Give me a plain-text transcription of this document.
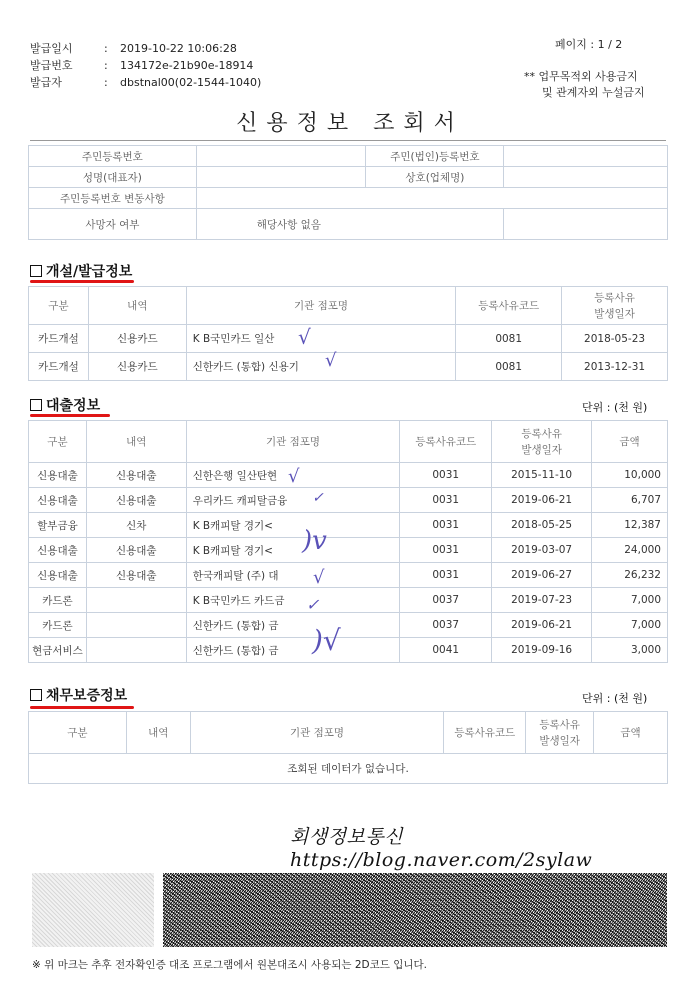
발급일시	: 2019-10-22 10:06:28
발급번호	: 134172e-21b90e-18914
발급자	: dbstnal00(02-1544-1040)
페이지 : 1 / 2
** 업무목적외 사용금지
및 관계자외 누설금지
신용정보 조회서
주민등록번호		주민(법인)등록번호	
성명(대표자)		상호(업체명)	
주민등록번호 변동사항			
사망자 여부	해당사항 없음		
개설/발급정보
구분	내역	기관 점포명	등록사유코드	등록사유
발생일자
카드개설	신용카드	K B국민카드 일산	0081	2018-05-23
카드개설	신용카드	신한카드 (통합) 신용기	0081	2013-12-31
대출정보	단위 : (천 원)
구분	내역	기관 점포명	등록사유코드	등록사유
발생일자	금액
신용대출	신용대출	신한은행 일산탄현	0031	2015-11-10	10,000
신용대출	신용대출	우리카드 캐피탈금융	0031	2019-06-21	6,707
할부금융	신차	K B캐피탈 경기<	0031	2018-05-25	12,387
신용대출	신용대출	K B캐피탈 경기<	0031	2019-03-07	24,000
신용대출	신용대출	한국캐피탈 (주) 대	0031	2019-06-27	26,232
카드론		K B국민카드 카드금	0037	2019-07-23	7,000
카드론		신한카드 (통합) 금	0037	2019-06-21	7,000
현금서비스		신한카드 (통합) 금	0041	2019-09-16	3,000
√
√
√
✓
)v
√
✓
)√
채무보증정보	단위 : (천 원)
구분	내역	기관 점포명	등록사유코드	등록사유
발생일자	금액
조회된 데이터가 없습니다.
회생정보통신 https://blog.naver.com/2sylaw
※ 위 마크는 추후 전자확인증 대조 프로그램에서 원본대조시 사용되는 2D코드 입니다.
